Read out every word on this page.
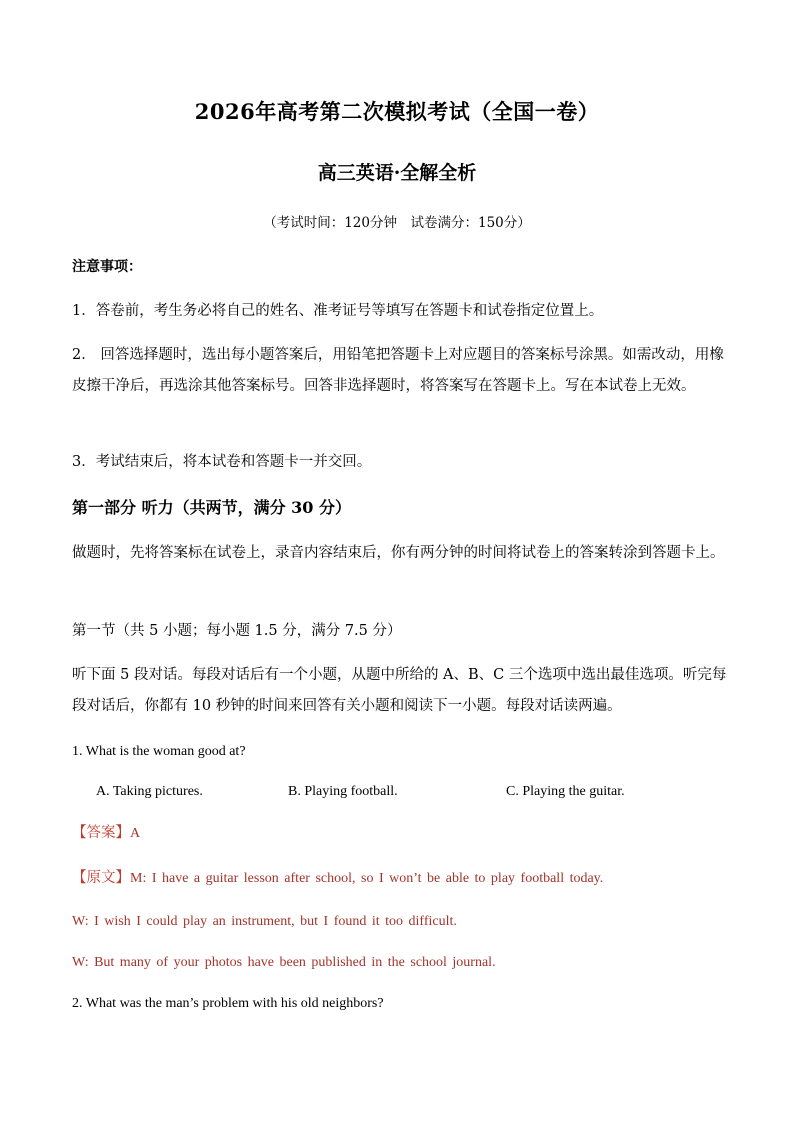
2026年高考第二次模拟考试（全国一卷）
高三英语·全解全析
（考试时间：120分钟　试卷满分：150分）
注意事项：
1．答卷前，考生务必将自己的姓名、准考证号等填写在答题卡和试卷指定位置上。
2． 回答选择题时，选出每小题答案后，用铅笔把答题卡上对应题目的答案标号涂黑。如需改动，用橡皮擦干净后，再选涂其他答案标号。回答非选择题时，将答案写在答题卡上。写在本试卷上无效。
3．考试结束后，将本试卷和答题卡一并交回。
第一部分 听力（共两节，满分 30 分）
做题时，先将答案标在试卷上，录音内容结束后，你有两分钟的时间将试卷上的答案转涂到答题卡上。
第一节（共 5 小题；每小题 1.5 分，满分 7.5 分）
听下面 5 段对话。每段对话后有一个小题，从题中所给的 A、B、C 三个选项中选出最佳选项。听完每段对话后，你都有 10 秒钟的时间来回答有关小题和阅读下一小题。每段对话读两遍。
1. What is the woman good at?
A. Taking pictures.	B. Playing football.	C. Playing the guitar.
【答案】A
【原文】M: I have a guitar lesson after school, so I won’t be able to play football today.
W: I wish I could play an instrument, but I found it too difficult.
W: But many of your photos have been published in the school journal.
2. What was the man’s problem with his old neighbors?
